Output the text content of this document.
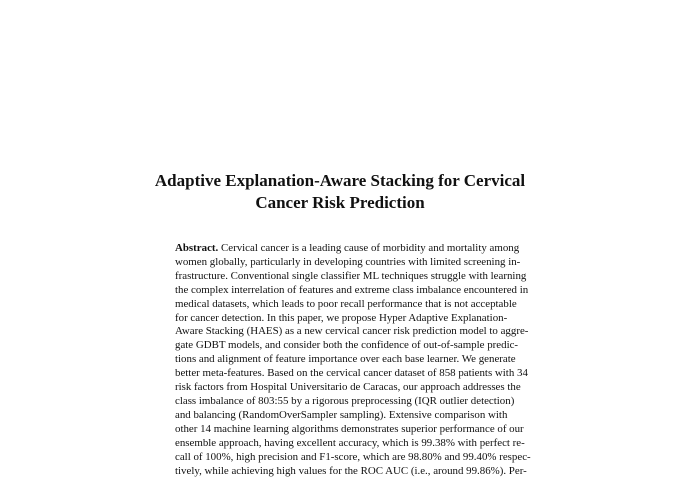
Adaptive Explanation-Aware Stacking for Cervical
Cancer Risk Prediction
Abstract. Cervical cancer is a leading cause of morbidity and mortality among
women globally, particularly in developing countries with limited screening in-
frastructure. Conventional single classifier ML techniques struggle with learning
the complex interrelation of features and extreme class imbalance encountered in
medical datasets, which leads to poor recall performance that is not acceptable
for cancer detection. In this paper, we propose Hyper Adaptive Explanation-
Aware Stacking (HAES) as a new cervical cancer risk prediction model to aggre-
gate GDBT models, and consider both the confidence of out-of-sample predic-
tions and alignment of feature importance over each base learner. We generate
better meta-features. Based on the cervical cancer dataset of 858 patients with 34
risk factors from Hospital Universitario de Caracas, our approach addresses the
class imbalance of 803:55 by a rigorous preprocessing (IQR outlier detection)
and balancing (RandomOverSampler sampling). Extensive comparison with
other 14 machine learning algorithms demonstrates superior performance of our
ensemble approach, having excellent accuracy, which is 99.38% with perfect re-
call of 100%, high precision and F1-score, which are 98.80% and 99.40% respec-
tively, while achieving high values for the ROC AUC (i.e., around 99.86%). Per-
